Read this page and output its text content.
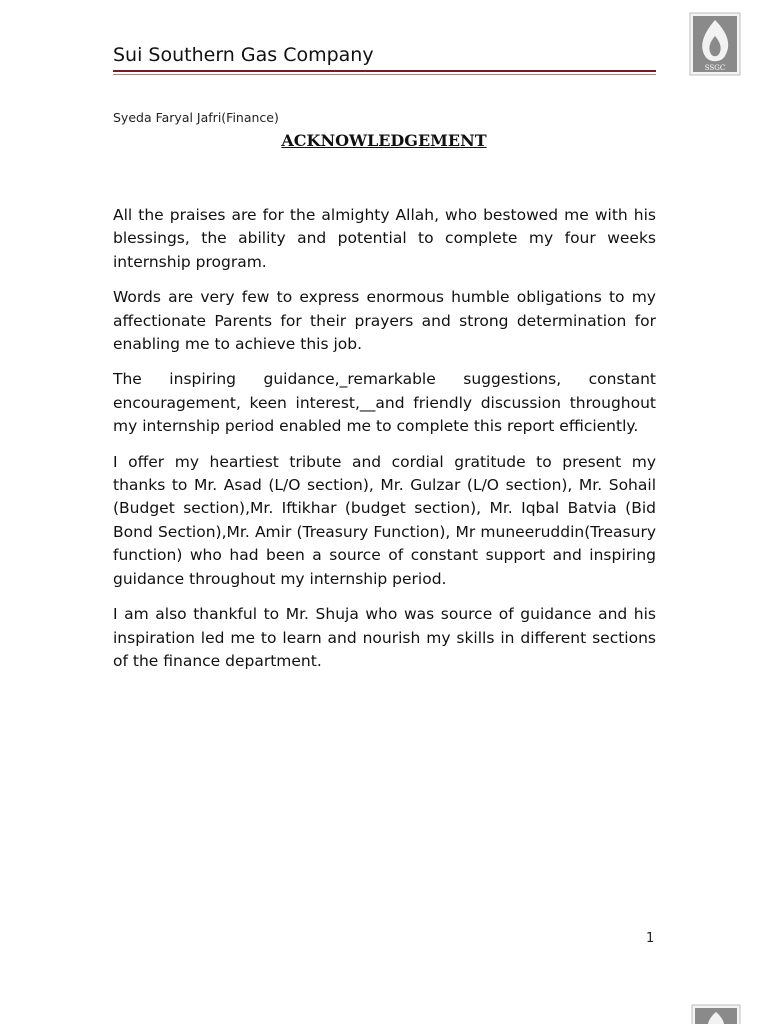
Sui Southern Gas Company
SSGC
Syeda Faryal Jafri(Finance)
ACKNOWLEDGEMENT

All the praises are for the almighty Allah, who bestowed me with his blessings, the ability and potential to complete my four weeks internship program.

Words are very few to express enormous humble obligations to my affectionate Parents for their prayers and strong determination for enabling me to achieve this job.

The inspiring guidance,_remarkable suggestions, constant encouragement, keen interest,__and friendly discussion throughout my internship period enabled me to complete this report efficiently.

I offer my heartiest tribute and cordial gratitude to present my thanks to Mr. Asad (L/O section), Mr. Gulzar (L/O section), Mr. Sohail (Budget section),Mr. Iftikhar (budget section), Mr. Iqbal Batvia (Bid Bond Section),Mr. Amir (Treasury Function), Mr muneeruddin(Treasury function) who had been a source of constant support and inspiring guidance throughout my internship period.

I am also thankful to Mr. Shuja who was source of guidance and his inspiration led me to learn and nourish my skills in different sections of the finance department.

1
